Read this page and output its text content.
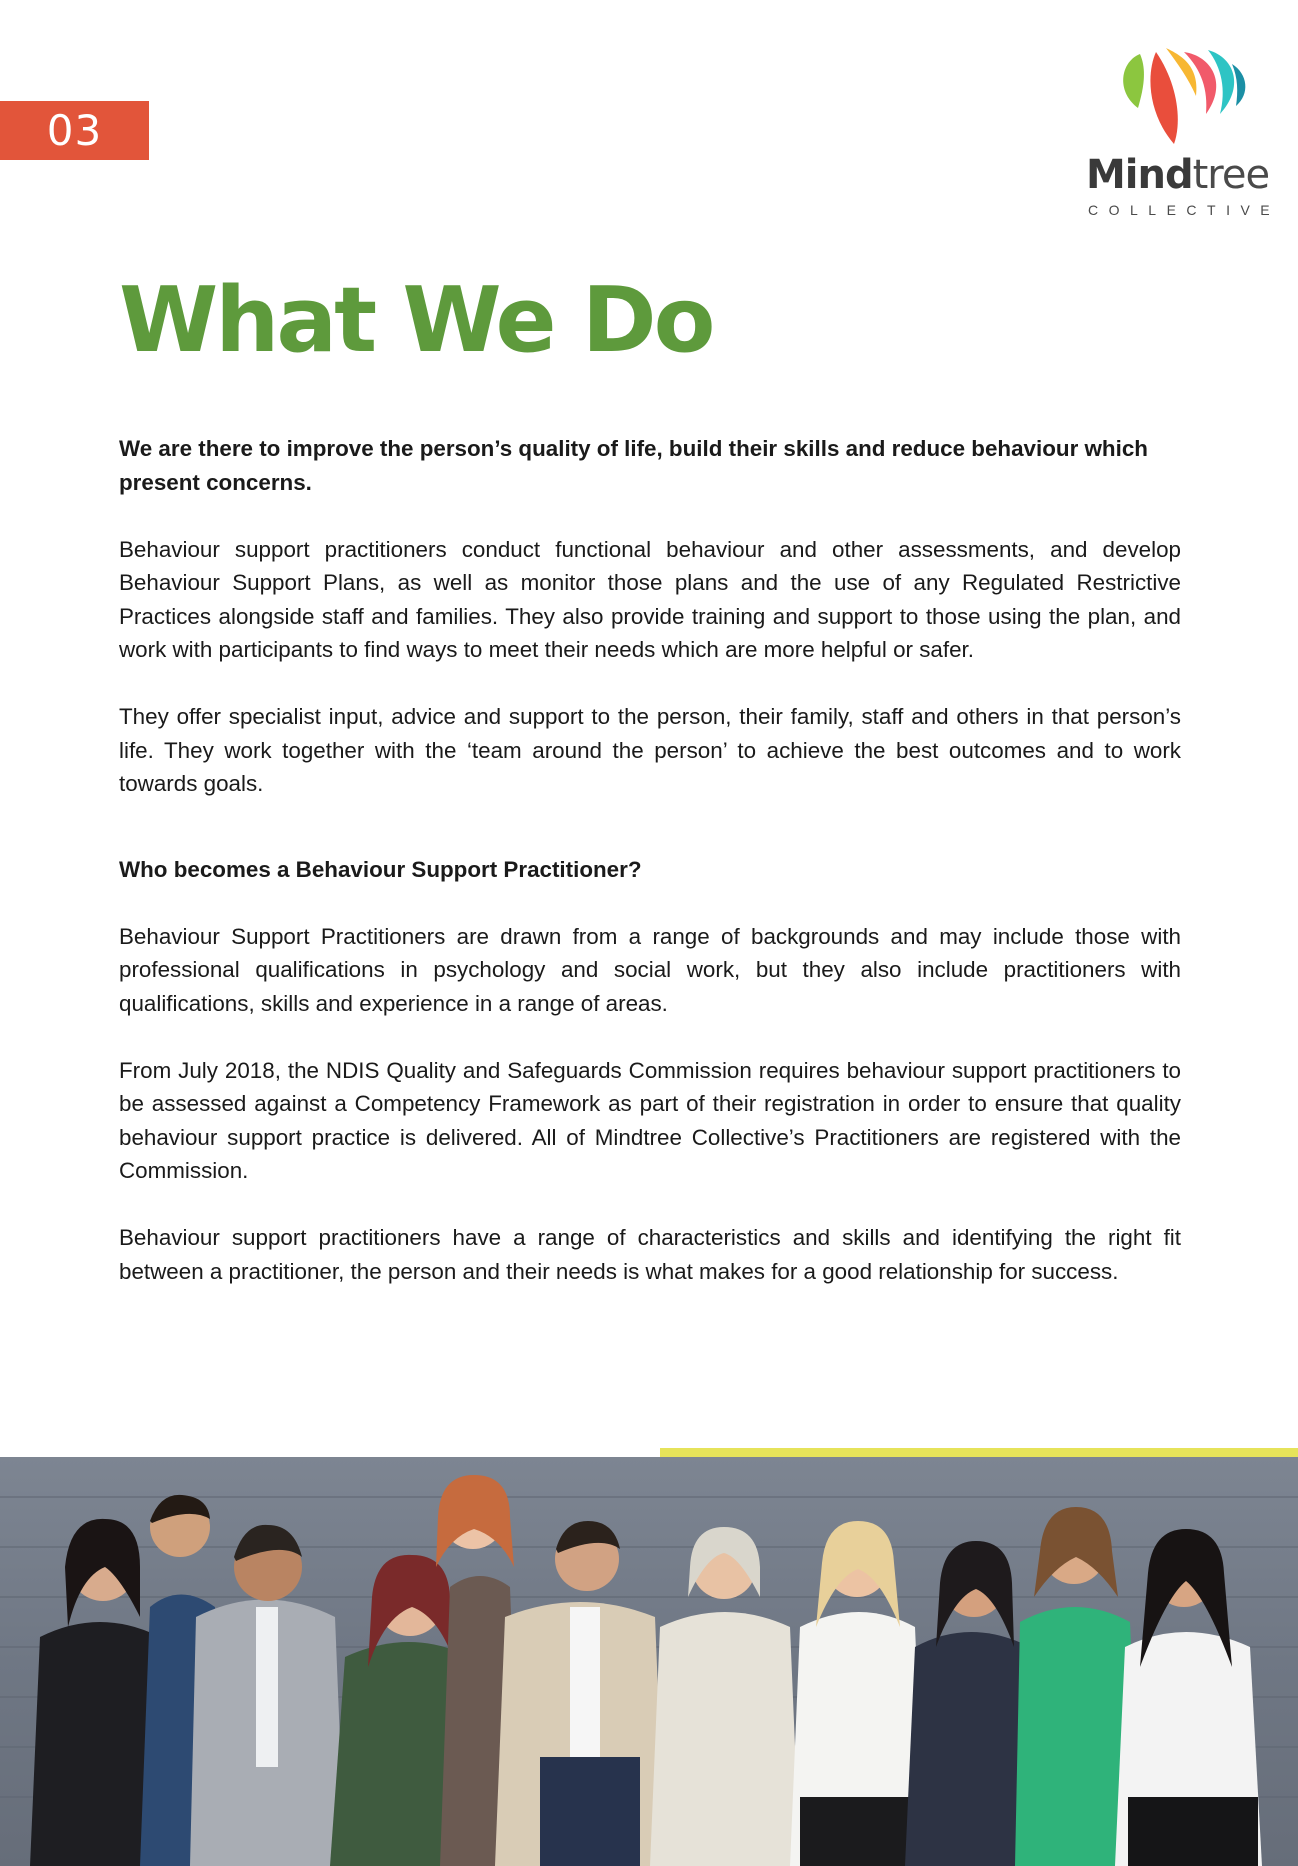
03
Mindtree
COLLECTIVE
What We Do

We are there to improve the person’s quality of life, build their skills and reduce behaviour which present concerns.

Behaviour support practitioners conduct functional behaviour and other assessments, and develop Behaviour Support Plans, as well as monitor those plans and the use of any Regulated Restrictive Practices alongside staff and families. They also provide training and support to those using the plan, and work with participants to find ways to meet their needs which are more helpful or safer.

They offer specialist input, advice and support to the person, their family, staff and others in that person’s life. They work together with the ‘team around the person’ to achieve the best outcomes and to work towards goals.

Who becomes a Behaviour Support Practitioner?

Behaviour Support Practitioners are drawn from a range of backgrounds and may include those with professional qualifications in psychology and social work, but they also include practitioners with qualifications, skills and experience in a range of areas.

From July 2018, the NDIS Quality and Safeguards Commission requires behaviour support practitioners to be assessed against a Competency Framework as part of their registration in order to ensure that quality behaviour support practice is delivered. All of Mindtree Collective’s Practitioners are registered with the Commission.

Behaviour support practitioners have a range of characteristics and skills and identifying the right fit between a practitioner, the person and their needs is what makes for a good relationship for success.
